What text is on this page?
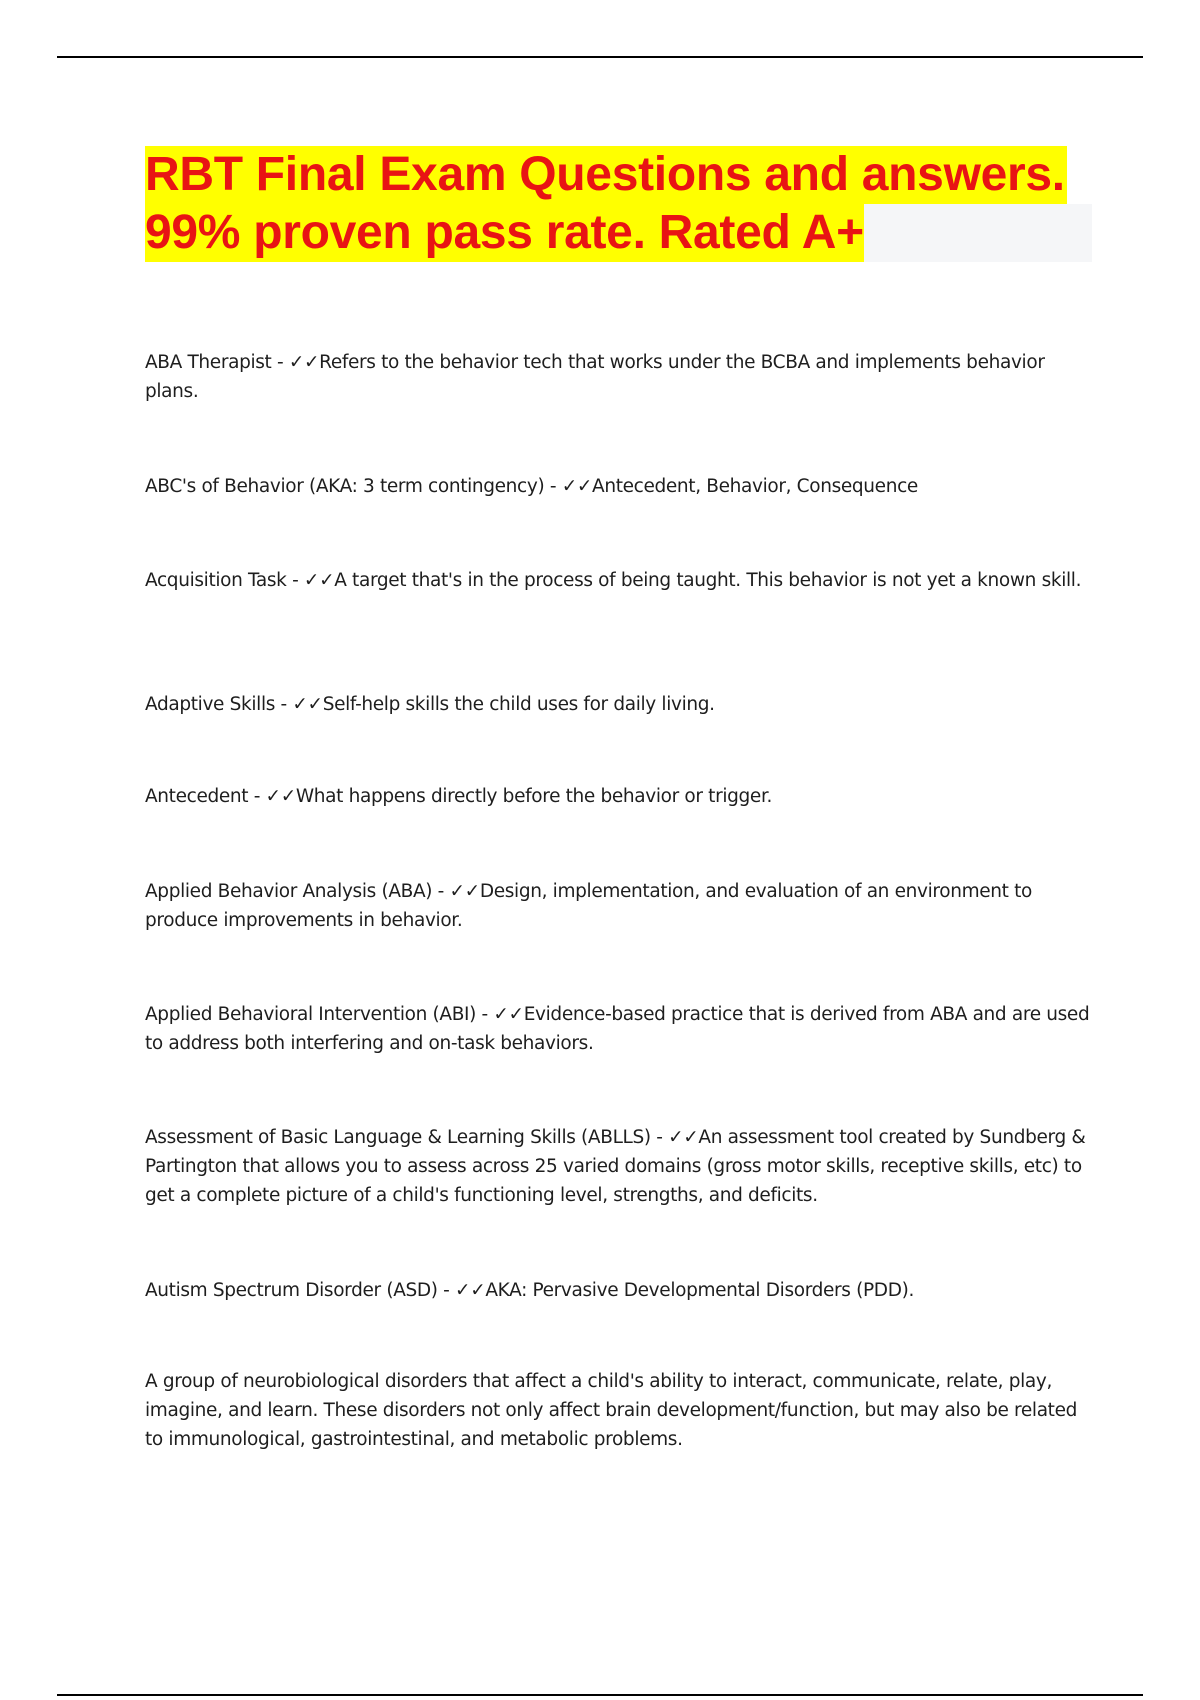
RBT Final Exam Questions and answers.
99% proven pass rate. Rated A+

ABA Therapist - ✓✓Refers to the behavior tech that works under the BCBA and implements behavior plans.

ABC's of Behavior (AKA: 3 term contingency) - ✓✓Antecedent, Behavior, Consequence

Acquisition Task - ✓✓A target that's in the process of being taught. This behavior is not yet a known skill.

Adaptive Skills - ✓✓Self-help skills the child uses for daily living.

Antecedent - ✓✓What happens directly before the behavior or trigger.

Applied Behavior Analysis (ABA) - ✓✓Design, implementation, and evaluation of an environment to produce improvements in behavior.

Applied Behavioral Intervention (ABI) - ✓✓Evidence-based practice that is derived from ABA and are used to address both interfering and on-task behaviors.

Assessment of Basic Language & Learning Skills (ABLLS) - ✓✓An assessment tool created by Sundberg & Partington that allows you to assess across 25 varied domains (gross motor skills, receptive skills, etc) to get a complete picture of a child's functioning level, strengths, and deficits.

Autism Spectrum Disorder (ASD) - ✓✓AKA: Pervasive Developmental Disorders (PDD).

A group of neurobiological disorders that affect a child's ability to interact, communicate, relate, play, imagine, and learn. These disorders not only affect brain development/function, but may also be related to immunological, gastrointestinal, and metabolic problems.
